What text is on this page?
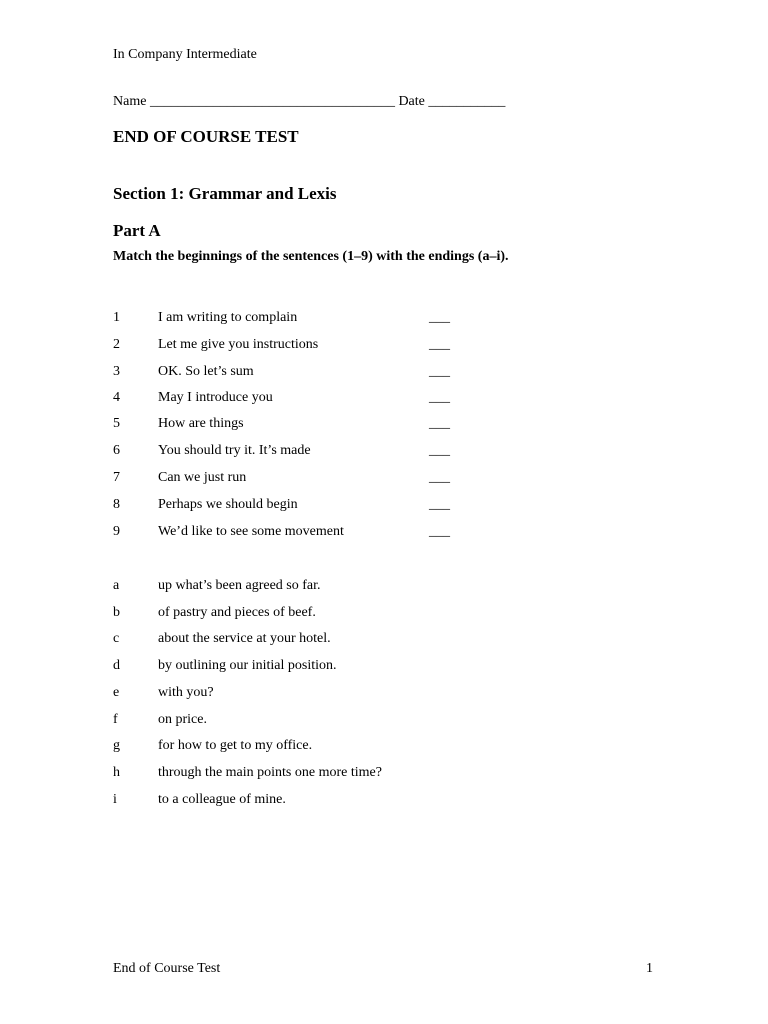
In Company Intermediate
Name ___________________________________ Date ___________
END OF COURSE TEST
Section 1: Grammar and Lexis
Part A
Match the beginnings of the sentences (1–9) with the endings (a–i).
1	I am writing to complain	___
2	Let me give you instructions	___
3	OK. So let’s sum	___
4	May I introduce you	___
5	How are things	___
6	You should try it. It’s made	___
7	Can we just run	___
8	Perhaps we should begin	___
9	We’d like to see some movement	___
a	up what’s been agreed so far.
b	of pastry and pieces of beef.
c	about the service at your hotel.
d	by outlining our initial position.
e	with you?
f	on price.
g	for how to get to my office.
h	through the main points one more time?
i	to a colleague of mine.
End of Course Test	1
